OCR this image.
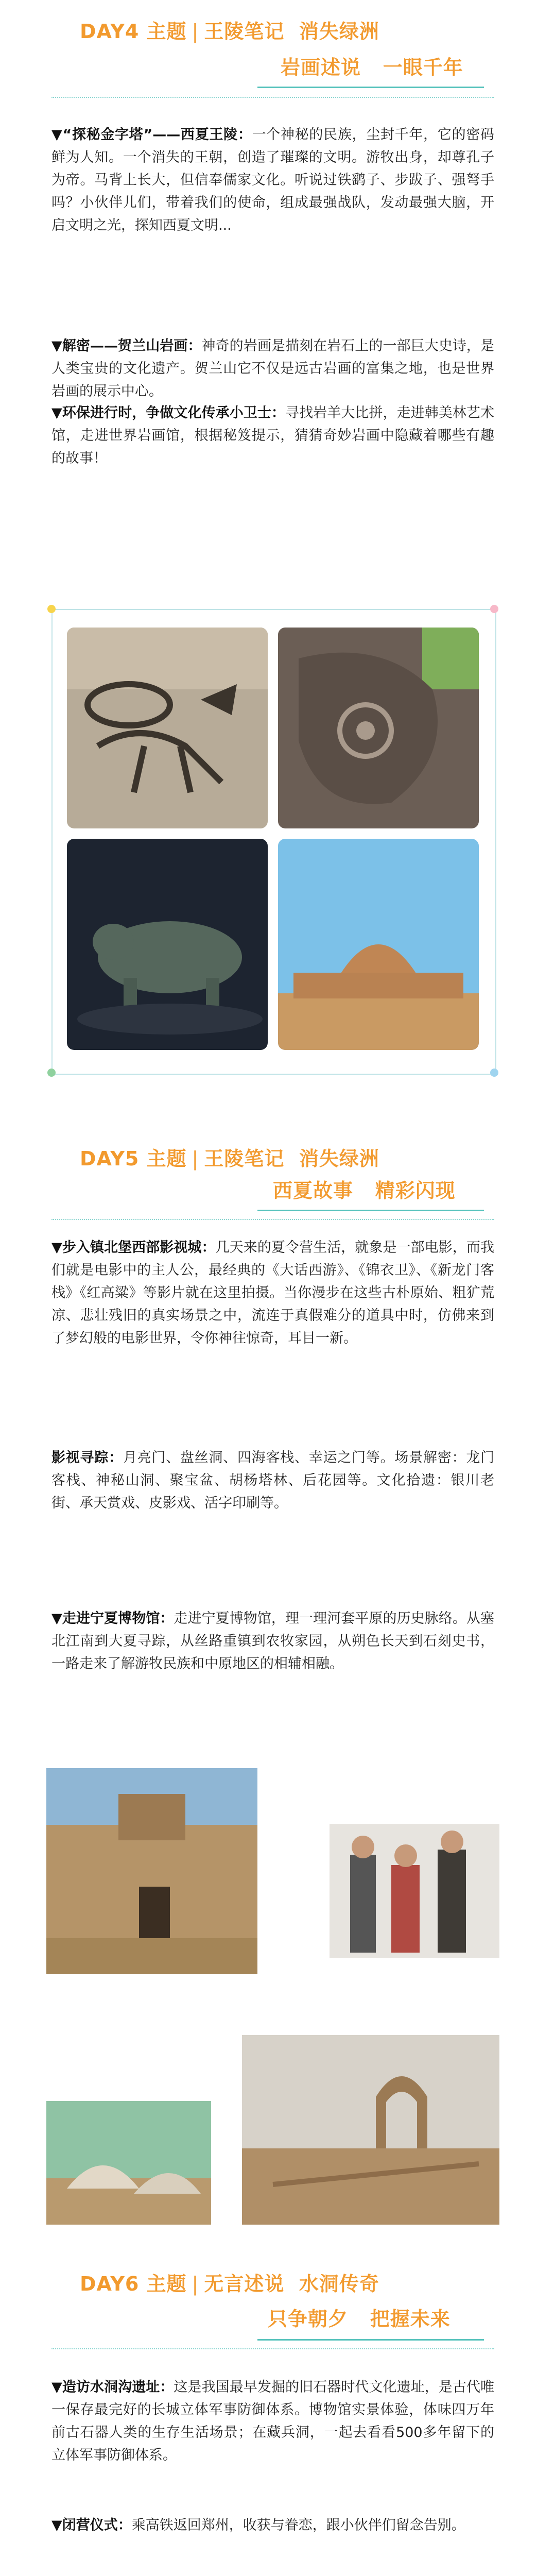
DAY4 主题 | 王陵笔记 消失绿洲
岩画述说 一眼千年
▼“探秘金字塔”——西夏王陵：一个神秘的民族，尘封千年，它的密码鲜为人知。一个消失的王朝，创造了璀璨的文明。游牧出身，却尊孔子为帝。马背上长大，但信奉儒家文化。听说过铁鹞子、步跋子、强弩手吗？小伙伴儿们，带着我们的使命，组成最强战队，发动最强大脑，开启文明之光，探知西夏文明...
▼解密——贺兰山岩画：神奇的岩画是描刻在岩石上的一部巨大史诗，是人类宝贵的文化遗产。贺兰山它不仅是远古岩画的富集之地，也是世界岩画的展示中心。
▼环保进行时，争做文化传承小卫士：寻找岩羊大比拼，走进韩美林艺术馆，走进世界岩画馆，根据秘笈提示，猜猜奇妙岩画中隐藏着哪些有趣的故事！
DAY5 主题 | 王陵笔记 消失绿洲
西夏故事 精彩闪现
▼步入镇北堡西部影视城：几天来的夏令营生活，就象是一部电影，而我们就是电影中的主人公，最经典的《大话西游》、《锦衣卫》、《新龙门客栈》《红高粱》等影片就在这里拍摄。当你漫步在这些古朴原始、粗犷荒凉、悲壮残旧的真实场景之中，流连于真假难分的道具中时，仿佛来到了梦幻般的电影世界，令你神往惊奇，耳目一新。
影视寻踪：月亮门、盘丝洞、四海客栈、幸运之门等。场景解密：龙门客栈、神秘山洞、聚宝盆、胡杨塔林、后花园等。文化拾遗：银川老街、承天赏戏、皮影戏、活字印刷等。
▼走进宁夏博物馆：走进宁夏博物馆，理一理河套平原的历史脉络。从塞北江南到大夏寻踪，从丝路重镇到农牧家园，从朔色长天到石刻史书，一路走来了解游牧民族和中原地区的相辅相融。
DAY6 主题 | 无言述说 水洞传奇
只争朝夕 把握未来
▼造访水洞沟遗址：这是我国最早发掘的旧石器时代文化遗址，是古代唯一保存最完好的长城立体军事防御体系。博物馆实景体验，体味四万年前古石器人类的生存生活场景；在藏兵洞，一起去看看500多年留下的立体军事防御体系。
▼闭营仪式：乘高铁返回郑州，收获与眷恋，跟小伙伴们留念告别。
